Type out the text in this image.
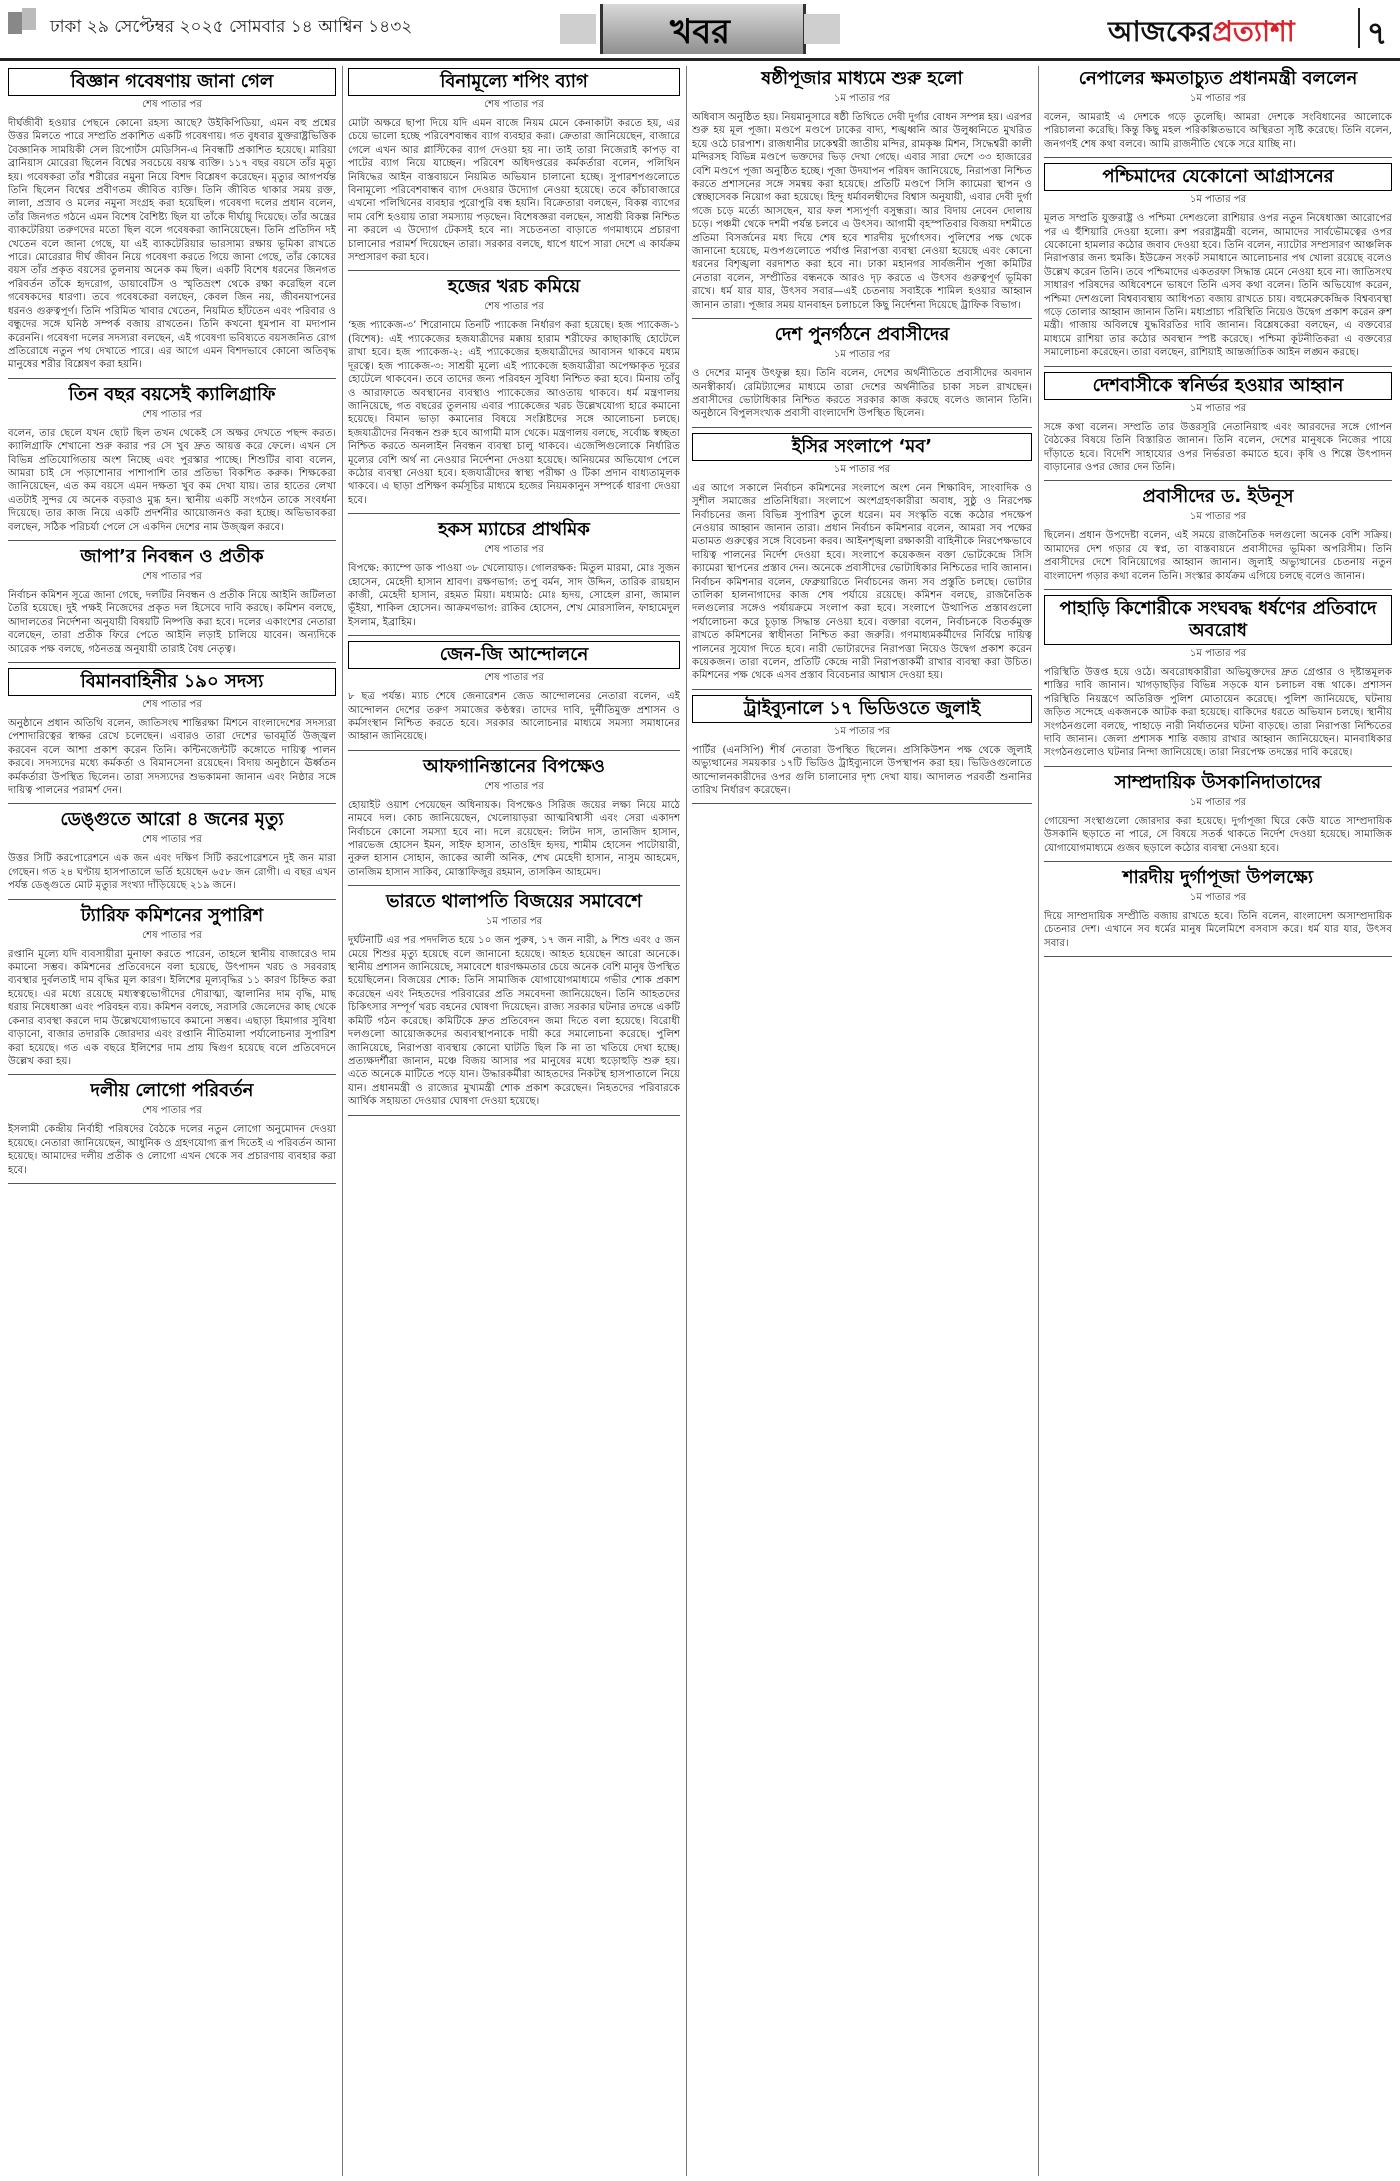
ঢাকা ২৯ সেপ্টেম্বর ২০২৫ সোমবার ১৪ আশ্বিন ১৪৩২	খবর	আজকেরপ্রত্যাশা ৭
বিজ্ঞান গবেষণায় জানা গেল
শেষ পাতার পর

দীর্ঘজীবী হওয়ার পেছনে কোনো রহস্য আছে? উইকিপিডিয়া, এমন বহু প্রশ্নের উত্তর মিলতে পারে সম্প্রতি প্রকাশিত একটি গবেষণায়। গত বুধবার যুক্তরাষ্ট্রভিত্তিক বৈজ্ঞানিক সাময়িকী সেল রিপোর্টস মেডিসিন-এ নিবন্ধটি প্রকাশিত হয়েছে। মারিয়া ব্রানিয়াস মোরেরা ছিলেন বিশ্বের সবচেয়ে বয়স্ক ব্যক্তি। ১১৭ বছর বয়সে তাঁর মৃত্যু হয়। গবেষকরা তাঁর শরীরের নমুনা নিয়ে বিশদ বিশ্লেষণ করেছেন। মৃত্যুর আগপর্যন্ত তিনি ছিলেন বিশ্বের প্রবীণতম জীবিত ব্যক্তি। তিনি জীবিত থাকার সময় রক্ত, লালা, প্রস্রাব ও মলের নমুনা সংগ্রহ করা হয়েছিল। গবেষণা দলের প্রধান বলেন, তাঁর জিনগত গঠনে এমন বিশেষ বৈশিষ্ট্য ছিল যা তাঁকে দীর্ঘায়ু দিয়েছে। তাঁর অন্ত্রের ব্যাকটেরিয়া তরুণদের মতো ছিল বলে গবেষকরা জানিয়েছেন। তিনি প্রতিদিন দই খেতেন বলে জানা গেছে, যা এই ব্যাকটেরিয়ার ভারসাম্য রক্ষায় ভূমিকা রাখতে পারে। মোরেরার দীর্ঘ জীবন নিয়ে গবেষণা করতে গিয়ে জানা গেছে, তাঁর কোষের বয়স তাঁর প্রকৃত বয়সের তুলনায় অনেক কম ছিল। একটি বিশেষ ধরনের জিনগত পরিবর্তন তাঁকে হৃদরোগ, ডায়াবেটিস ও স্মৃতিভ্রংশ থেকে রক্ষা করেছিল বলে গবেষকদের ধারণা। তবে গবেষকেরা বলছেন, কেবল জিন নয়, জীবনযাপনের ধরনও গুরুত্বপূর্ণ। তিনি পরিমিত খাবার খেতেন, নিয়মিত হাঁটতেন এবং পরিবার ও বন্ধুদের সঙ্গে ঘনিষ্ঠ সম্পর্ক বজায় রাখতেন। তিনি কখনো ধূমপান বা মদ্যপান করেননি। গবেষণা দলের সদস্যরা বলছেন, এই গবেষণা ভবিষ্যতে বয়সজনিত রোগ প্রতিরোধে নতুন পথ দেখাতে পারে। এর আগে এমন বিশদভাবে কোনো অতিবৃদ্ধ মানুষের শরীর বিশ্লেষণ করা হয়নি।

তিন বছর বয়সেই ক্যালিগ্রাফি
শেষ পাতার পর

বলেন, তার ছেলে যখন ছোট ছিল তখন থেকেই সে অক্ষর দেখতে পছন্দ করত। ক্যালিগ্রাফি শেখানো শুরু করার পর সে খুব দ্রুত আয়ত্ত করে ফেলে। এখন সে বিভিন্ন প্রতিযোগিতায় অংশ নিচ্ছে এবং পুরস্কার পাচ্ছে। শিশুটির বাবা বলেন, আমরা চাই সে পড়াশোনার পাশাপাশি তার প্রতিভা বিকশিত করুক। শিক্ষকেরা জানিয়েছেন, এত কম বয়সে এমন দক্ষতা খুব কম দেখা যায়। তার হাতের লেখা এতটাই সুন্দর যে অনেক বড়রাও মুগ্ধ হন। স্থানীয় একটি সংগঠন তাকে সংবর্ধনা দিয়েছে। তার কাজ নিয়ে একটি প্রদর্শনীর আয়োজনও করা হচ্ছে। অভিভাবকরা বলছেন, সঠিক পরিচর্যা পেলে সে একদিন দেশের নাম উজ্জ্বল করবে।

জাপা’র নিবন্ধন ও প্রতীক
শেষ পাতার পর

নির্বাচন কমিশন সূত্রে জানা গেছে, দলটির নিবন্ধন ও প্রতীক নিয়ে আইনি জটিলতা তৈরি হয়েছে। দুই পক্ষই নিজেদের প্রকৃত দল হিসেবে দাবি করছে। কমিশন বলছে, আদালতের নির্দেশনা অনুযায়ী বিষয়টি নিষ্পত্তি করা হবে। দলের একাংশের নেতারা বলেছেন, তারা প্রতীক ফিরে পেতে আইনি লড়াই চালিয়ে যাবেন। অন্যদিকে আরেক পক্ষ বলছে, গঠনতন্ত্র অনুযায়ী তারাই বৈধ নেতৃত্ব।

বিমানবাহিনীর ১৯০ সদস্য
শেষ পাতার পর

অনুষ্ঠানে প্রধান অতিথি বলেন, জাতিসংঘ শান্তিরক্ষা মিশনে বাংলাদেশের সদস্যরা পেশাদারিত্বের স্বাক্ষর রেখে চলেছেন। এবারও তারা দেশের ভাবমূর্তি উজ্জ্বল করবেন বলে আশা প্রকাশ করেন তিনি। কন্টিনজেন্টটি কঙ্গোতে দায়িত্ব পালন করবে। সদস্যদের মধ্যে কর্মকর্তা ও বিমানসেনা রয়েছেন। বিদায় অনুষ্ঠানে ঊর্ধ্বতন কর্মকর্তারা উপস্থিত ছিলেন। তারা সদস্যদের শুভকামনা জানান এবং নিষ্ঠার সঙ্গে দায়িত্ব পালনের পরামর্শ দেন।

ডেঙ্গুতে আরো ৪ জনের মৃত্যু
শেষ পাতার পর

উত্তর সিটি করপোরেশনে এক জন এবং দক্ষিণ সিটি করপোরেশনে দুই জন মারা গেছেন। গত ২৪ ঘণ্টায় হাসপাতালে ভর্তি হয়েছেন ৬৫৮ জন রোগী। এ বছর এখন পর্যন্ত ডেঙ্গুতে মোট মৃত্যুর সংখ্যা দাঁড়িয়েছে ২১৯ জনে।

ট্যারিফ কমিশনের সুপারিশ
শেষ পাতার পর

রপ্তানি মূল্যে যদি ব্যবসায়ীরা মুনাফা করতে পারেন, তাহলে স্থানীয় বাজারেও দাম কমানো সম্ভব। কমিশনের প্রতিবেদনে বলা হয়েছে, উৎপাদন খরচ ও সরবরাহ ব্যবস্থার দুর্বলতাই দাম বৃদ্ধির মূল কারণ। ইলিশের মূল্যবৃদ্ধির ১১ কারণ চিহ্নিত করা হয়েছে। এর মধ্যে রয়েছে মধ্যস্বত্বভোগীদের দৌরাত্ম্য, জ্বালানির দাম বৃদ্ধি, মাছ ধরায় নিষেধাজ্ঞা এবং পরিবহন ব্যয়। কমিশন বলছে, সরাসরি জেলেদের কাছ থেকে কেনার ব্যবস্থা করলে দাম উল্লেখযোগ্যভাবে কমানো সম্ভব। এছাড়া হিমাগার সুবিধা বাড়ানো, বাজার তদারকি জোরদার এবং রপ্তানি নীতিমালা পর্যালোচনার সুপারিশ করা হয়েছে। গত এক বছরে ইলিশের দাম প্রায় দ্বিগুণ হয়েছে বলে প্রতিবেদনে উল্লেখ করা হয়।

দলীয় লোগো পরিবর্তন
শেষ পাতার পর

ইসলামী কেন্দ্রীয় নির্বাহী পরিষদের বৈঠকে দলের নতুন লোগো অনুমোদন দেওয়া হয়েছে। নেতারা জানিয়েছেন, আধুনিক ও গ্রহণযোগ্য রূপ দিতেই এ পরিবর্তন আনা হয়েছে। আমাদের দলীয় প্রতীক ও লোগো এখন থেকে সব প্রচারণায় ব্যবহার করা হবে।

বিনামূল্যে শপিং ব্যাগ
শেষ পাতার পর

মোটা অক্ষরে ছাপা দিয়ে যদি এমন বাজে নিয়ম মেনে কেনাকাটা করতে হয়, এর চেয়ে ভালো হচ্ছে পরিবেশবান্ধব ব্যাগ ব্যবহার করা। ক্রেতারা জানিয়েছেন, বাজারে গেলে এখন আর প্লাস্টিকের ব্যাগ দেওয়া হয় না। তাই তারা নিজেরাই কাপড় বা পাটের ব্যাগ নিয়ে যাচ্ছেন। পরিবেশ অধিদপ্তরের কর্মকর্তারা বলেন, পলিথিন নিষিদ্ধের আইন বাস্তবায়নে নিয়মিত অভিযান চালানো হচ্ছে। সুপারশপগুলোতে বিনামূল্যে পরিবেশবান্ধব ব্যাগ দেওয়ার উদ্যোগ নেওয়া হয়েছে। তবে কাঁচাবাজারে এখনো পলিথিনের ব্যবহার পুরোপুরি বন্ধ হয়নি। বিক্রেতারা বলছেন, বিকল্প ব্যাগের দাম বেশি হওয়ায় তারা সমস্যায় পড়ছেন। বিশেষজ্ঞরা বলছেন, সাশ্রয়ী বিকল্প নিশ্চিত না করলে এ উদ্যোগ টেকসই হবে না। সচেতনতা বাড়াতে গণমাধ্যমে প্রচারণা চালানোর পরামর্শ দিয়েছেন তারা। সরকার বলছে, ধাপে ধাপে সারা দেশে এ কার্যক্রম সম্প্রসারণ করা হবে।

হজের খরচ কমিয়ে
শেষ পাতার পর

‘হজ প্যাকেজ-৩’ শিরোনামে তিনটি প্যাকেজ নির্ধারণ করা হয়েছে। হজ প্যাকেজ-১ (বিশেষ): এই প্যাকেজের হজযাত্রীদের মক্কায় হারাম শরীফের কাছাকাছি হোটেলে রাখা হবে। হজ প্যাকেজ-২: এই প্যাকেজের হজযাত্রীদের আবাসন থাকবে মধ্যম দূরত্বে। হজ প্যাকেজ-৩: সাশ্রয়ী মূল্যে এই প্যাকেজে হজযাত্রীরা অপেক্ষাকৃত দূরের হোটেলে থাকবেন। তবে তাদের জন্য পরিবহন সুবিধা নিশ্চিত করা হবে। মিনায় তাঁবু ও আরাফাতে অবস্থানের ব্যবস্থাও প্যাকেজের আওতায় থাকবে। ধর্ম মন্ত্রণালয় জানিয়েছে, গত বছরের তুলনায় এবার প্যাকেজের খরচ উল্লেখযোগ্য হারে কমানো হয়েছে। বিমান ভাড়া কমানোর বিষয়ে সংশ্লিষ্টদের সঙ্গে আলোচনা চলছে। হজযাত্রীদের নিবন্ধন শুরু হবে আগামী মাস থেকে। মন্ত্রণালয় বলছে, সর্বোচ্চ স্বচ্ছতা নিশ্চিত করতে অনলাইন নিবন্ধন ব্যবস্থা চালু থাকবে। এজেন্সিগুলোকে নির্ধারিত মূল্যের বেশি অর্থ না নেওয়ার নির্দেশনা দেওয়া হয়েছে। অনিয়মের অভিযোগ পেলে কঠোর ব্যবস্থা নেওয়া হবে। হজযাত্রীদের স্বাস্থ্য পরীক্ষা ও টিকা প্রদান বাধ্যতামূলক থাকবে। এ ছাড়া প্রশিক্ষণ কর্মসূচির মাধ্যমে হজের নিয়মকানুন সম্পর্কে ধারণা দেওয়া হবে।

হকস ম্যাচের প্রাথমিক
শেষ পাতার পর

বিপক্ষে: ক্যাম্পে ডাক পাওয়া ৩৮ খেলোয়াড়। গোলরক্ষক: মিতুল মারমা, মোঃ সুজন হোসেন, মেহেদী হাসান শ্রাবণ। রক্ষণভাগ: তপু বর্মন, সাদ উদ্দিন, তারিক রায়হান কাজী, মেহেদী হাসান, রহমত মিয়া। মধ্যমাঠ: মোঃ হৃদয়, সোহেল রানা, জামাল ভূঁইয়া, শাকিল হোসেন। আক্রমণভাগ: রাকিব হোসেন, শেখ মোরসালিন, ফাহামেদুল ইসলাম, ইব্রাহিম।

জেন-জি আন্দোলনে
শেষ পাতার পর

৮ ছত্র পর্যন্ত। ম্যাচ শেষে জেনারেশন জেড আন্দোলনের নেতারা বলেন, এই আন্দোলন দেশের তরুণ সমাজের কণ্ঠস্বর। তাদের দাবি, দুর্নীতিমুক্ত প্রশাসন ও কর্মসংস্থান নিশ্চিত করতে হবে। সরকার আলোচনার মাধ্যমে সমস্যা সমাধানের আহ্বান জানিয়েছে।

আফগানিস্তানের বিপক্ষেও
শেষ পাতার পর

হোয়াইট ওয়াশ পেয়েছেন অধিনায়ক। বিপক্ষেও সিরিজ জয়ের লক্ষ্য নিয়ে মাঠে নামবে দল। কোচ জানিয়েছেন, খেলোয়াড়রা আত্মবিশ্বাসী এবং সেরা একাদশ নির্বাচনে কোনো সমস্যা হবে না। দলে রয়েছেন: লিটন দাস, তানজিদ হাসান, পারভেজ হোসেন ইমন, সাইফ হাসান, তাওহিদ হৃদয়, শামীম হোসেন পাটোয়ারী, নুরুল হাসান সোহান, জাকের আলী অনিক, শেখ মেহেদী হাসান, নাসুম আহমেদ, তানজিম হাসান সাকিব, মোস্তাফিজুর রহমান, তাসকিন আহমেদ।

ভারতে থালাপতি বিজয়ের সমাবেশে
১ম পাতার পর

দুর্ঘটনাটি এর পর পদদলিত হয়ে ১০ জন পুরুষ, ১৭ জন নারী, ৯ শিশু এবং ৫ জন মেয়ে শিশুর মৃত্যু হয়েছে বলে জানানো হয়েছে। আহত হয়েছেন আরো অনেকে। স্থানীয় প্রশাসন জানিয়েছে, সমাবেশে ধারণক্ষমতার চেয়ে অনেক বেশি মানুষ উপস্থিত হয়েছিলেন। বিজয়ের শোক: তিনি সামাজিক যোগাযোগমাধ্যমে গভীর শোক প্রকাশ করেছেন এবং নিহতদের পরিবারের প্রতি সমবেদনা জানিয়েছেন। তিনি আহতদের চিকিৎসার সম্পূর্ণ খরচ বহনের ঘোষণা দিয়েছেন। রাজ্য সরকার ঘটনার তদন্তে একটি কমিটি গঠন করেছে। কমিটিকে দ্রুত প্রতিবেদন জমা দিতে বলা হয়েছে। বিরোধী দলগুলো আয়োজকদের অব্যবস্থাপনাকে দায়ী করে সমালোচনা করেছে। পুলিশ জানিয়েছে, নিরাপত্তা ব্যবস্থায় কোনো ঘাটতি ছিল কি না তা খতিয়ে দেখা হচ্ছে। প্রত্যক্ষদর্শীরা জানান, মঞ্চে বিজয় আসার পর মানুষের মধ্যে হুড়োহুড়ি শুরু হয়। এতে অনেকে মাটিতে পড়ে যান। উদ্ধারকর্মীরা আহতদের নিকটস্থ হাসপাতালে নিয়ে যান। প্রধানমন্ত্রী ও রাজ্যের মুখ্যমন্ত্রী শোক প্রকাশ করেছেন। নিহতদের পরিবারকে আর্থিক সহায়তা দেওয়ার ঘোষণা দেওয়া হয়েছে।

ষষ্ঠীপূজার মাধ্যমে শুরু হলো
১ম পাতার পর

অধিবাস অনুষ্ঠিত হয়। নিয়মানুসারে ষষ্ঠী তিথিতে দেবী দুর্গার বোধন সম্পন্ন হয়। এরপর শুরু হয় মূল পূজা। মণ্ডপে মণ্ডপে ঢাকের বাদ্য, শঙ্খধ্বনি আর উলুধ্বনিতে মুখরিত হয়ে ওঠে চারপাশ। রাজধানীর ঢাকেশ্বরী জাতীয় মন্দির, রামকৃষ্ণ মিশন, সিদ্ধেশ্বরী কালী মন্দিরসহ বিভিন্ন মণ্ডপে ভক্তদের ভিড় দেখা গেছে। এবার সারা দেশে ৩৩ হাজারের বেশি মণ্ডপে পূজা অনুষ্ঠিত হচ্ছে। পূজা উদযাপন পরিষদ জানিয়েছে, নিরাপত্তা নিশ্চিত করতে প্রশাসনের সঙ্গে সমন্বয় করা হয়েছে। প্রতিটি মণ্ডপে সিসি ক্যামেরা স্থাপন ও স্বেচ্ছাসেবক নিয়োগ করা হয়েছে। হিন্দু ধর্মাবলম্বীদের বিশ্বাস অনুযায়ী, এবার দেবী দুর্গা গজে চড়ে মর্ত্যে আসছেন, যার ফল শস্যপূর্ণা বসুন্ধরা। আর বিদায় নেবেন দোলায় চড়ে। পঞ্চমী থেকে দশমী পর্যন্ত চলবে এ উৎসব। আগামী বৃহস্পতিবার বিজয়া দশমীতে প্রতিমা বিসর্জনের মধ্য দিয়ে শেষ হবে শারদীয় দুর্গোৎসব। পুলিশের পক্ষ থেকে জানানো হয়েছে, মণ্ডপগুলোতে পর্যাপ্ত নিরাপত্তা ব্যবস্থা নেওয়া হয়েছে এবং কোনো ধরনের বিশৃঙ্খলা বরদাশত করা হবে না। ঢাকা মহানগর সার্বজনীন পূজা কমিটির নেতারা বলেন, সম্প্রীতির বন্ধনকে আরও দৃঢ় করতে এ উৎসব গুরুত্বপূর্ণ ভূমিকা রাখে। ধর্ম যার যার, উৎসব সবার—এই চেতনায় সবাইকে শামিল হওয়ার আহ্বান জানান তারা। পূজার সময় যানবাহন চলাচলে কিছু নির্দেশনা দিয়েছে ট্রাফিক বিভাগ।

দেশ পুনর্গঠনে প্রবাসীদের
১ম পাতার পর

ও দেশের মানুষ উৎফুল্ল হয়। তিনি বলেন, দেশের অর্থনীতিতে প্রবাসীদের অবদান অনস্বীকার্য। রেমিট্যান্সের মাধ্যমে তারা দেশের অর্থনীতির চাকা সচল রাখছেন। প্রবাসীদের ভোটাধিকার নিশ্চিত করতে সরকার কাজ করছে বলেও জানান তিনি। অনুষ্ঠানে বিপুলসংখ্যক প্রবাসী বাংলাদেশি উপস্থিত ছিলেন।

ইসির সংলাপে ‘মব’
১ম পাতার পর

এর আগে সকালে নির্বাচন কমিশনের সংলাপে অংশ নেন শিক্ষাবিদ, সাংবাদিক ও সুশীল সমাজের প্রতিনিধিরা। সংলাপে অংশগ্রহণকারীরা অবাধ, সুষ্ঠু ও নিরপেক্ষ নির্বাচনের জন্য বিভিন্ন সুপারিশ তুলে ধরেন। মব সংস্কৃতি বন্ধে কঠোর পদক্ষেপ নেওয়ার আহ্বান জানান তারা। প্রধান নির্বাচন কমিশনার বলেন, আমরা সব পক্ষের মতামত গুরুত্বের সঙ্গে বিবেচনা করব। আইনশৃঙ্খলা রক্ষাকারী বাহিনীকে নিরপেক্ষভাবে দায়িত্ব পালনের নির্দেশ দেওয়া হবে। সংলাপে কয়েকজন বক্তা ভোটকেন্দ্রে সিসি ক্যামেরা স্থাপনের প্রস্তাব দেন। অনেকে প্রবাসীদের ভোটাধিকার নিশ্চিতের দাবি জানান। নির্বাচন কমিশনার বলেন, ফেব্রুয়ারিতে নির্বাচনের জন্য সব প্রস্তুতি চলছে। ভোটার তালিকা হালনাগাদের কাজ শেষ পর্যায়ে রয়েছে। কমিশন বলছে, রাজনৈতিক দলগুলোর সঙ্গেও পর্যায়ক্রমে সংলাপ করা হবে। সংলাপে উত্থাপিত প্রস্তাবগুলো পর্যালোচনা করে চূড়ান্ত সিদ্ধান্ত নেওয়া হবে। বক্তারা বলেন, নির্বাচনকে বিতর্কমুক্ত রাখতে কমিশনের স্বাধীনতা নিশ্চিত করা জরুরি। গণমাধ্যমকর্মীদের নির্বিঘ্নে দায়িত্ব পালনের সুযোগ দিতে হবে। নারী ভোটারদের নিরাপত্তা নিয়েও উদ্বেগ প্রকাশ করেন কয়েকজন। তারা বলেন, প্রতিটি কেন্দ্রে নারী নিরাপত্তাকর্মী রাখার ব্যবস্থা করা উচিত। কমিশনের পক্ষ থেকে এসব প্রস্তাব বিবেচনার আশ্বাস দেওয়া হয়।

ট্রাইব্যুনালে ১৭ ভিডিওতে জুলাই
১ম পাতার পর

পার্টির (এনসিপি) শীর্ষ নেতারা উপস্থিত ছিলেন। প্রসিকিউশন পক্ষ থেকে জুলাই অভ্যুত্থানের সময়কার ১৭টি ভিডিও ট্রাইব্যুনালে উপস্থাপন করা হয়। ভিডিওগুলোতে আন্দোলনকারীদের ওপর গুলি চালানোর দৃশ্য দেখা যায়। আদালত পরবর্তী শুনানির তারিখ নির্ধারণ করেছেন।

নেপালের ক্ষমতাচ্যুত প্রধানমন্ত্রী বললেন
১ম পাতার পর

বলেন, আমরাই এ দেশকে গড়ে তুলেছি। আমরা দেশকে সংবিধানের আলোকে পরিচালনা করেছি। কিন্তু কিছু মহল পরিকল্পিতভাবে অস্থিরতা সৃষ্টি করেছে। তিনি বলেন, জনগণই শেষ কথা বলবে। আমি রাজনীতি থেকে সরে যাচ্ছি না।

পশ্চিমাদের যেকোনো আগ্রাসনের
১ম পাতার পর

মূলত সম্প্রতি যুক্তরাষ্ট্র ও পশ্চিমা দেশগুলো রাশিয়ার ওপর নতুন নিষেধাজ্ঞা আরোপের পর এ হুঁশিয়ারি দেওয়া হলো। রুশ পররাষ্ট্রমন্ত্রী বলেন, আমাদের সার্বভৌমত্বের ওপর যেকোনো হামলার কঠোর জবাব দেওয়া হবে। তিনি বলেন, ন্যাটোর সম্প্রসারণ আঞ্চলিক নিরাপত্তার জন্য হুমকি। ইউক্রেন সংকট সমাধানে আলোচনার পথ খোলা রয়েছে বলেও উল্লেখ করেন তিনি। তবে পশ্চিমাদের একতরফা সিদ্ধান্ত মেনে নেওয়া হবে না। জাতিসংঘ সাধারণ পরিষদের অধিবেশনে ভাষণে তিনি এসব কথা বলেন। তিনি অভিযোগ করেন, পশ্চিমা দেশগুলো বিশ্বব্যবস্থায় আধিপত্য বজায় রাখতে চায়। বহুমেরুকেন্দ্রিক বিশ্বব্যবস্থা গড়ে তোলার আহ্বান জানান তিনি। মধ্যপ্রাচ্য পরিস্থিতি নিয়েও উদ্বেগ প্রকাশ করেন রুশ মন্ত্রী। গাজায় অবিলম্বে যুদ্ধবিরতির দাবি জানান। বিশ্লেষকেরা বলছেন, এ বক্তব্যের মাধ্যমে রাশিয়া তার কঠোর অবস্থান স্পষ্ট করেছে। পশ্চিমা কূটনীতিকরা এ বক্তব্যের সমালোচনা করেছেন। তারা বলছেন, রাশিয়াই আন্তর্জাতিক আইন লঙ্ঘন করছে।

দেশবাসীকে স্বনির্ভর হওয়ার আহ্বান
১ম পাতার পর

সঙ্গে কথা বলেন। সম্প্রতি তার উত্তরসূরি নেতানিয়াহু এবং আরবদের সঙ্গে গোপন বৈঠকের বিষয়ে তিনি বিস্তারিত জানান। তিনি বলেন, দেশের মানুষকে নিজের পায়ে দাঁড়াতে হবে। বিদেশি সাহায্যের ওপর নির্ভরতা কমাতে হবে। কৃষি ও শিল্পে উৎপাদন বাড়ানোর ওপর জোর দেন তিনি।

প্রবাসীদের ড. ইউনূস
১ম পাতার পর

ছিলেন। প্রধান উপদেষ্টা বলেন, এই সময়ে রাজনৈতিক দলগুলো অনেক বেশি সক্রিয়। আমাদের দেশ গড়ার যে স্বপ্ন, তা বাস্তবায়নে প্রবাসীদের ভূমিকা অপরিসীম। তিনি প্রবাসীদের দেশে বিনিয়োগের আহ্বান জানান। জুলাই অভ্যুত্থানের চেতনায় নতুন বাংলাদেশ গড়ার কথা বলেন তিনি। সংস্কার কার্যক্রম এগিয়ে চলছে বলেও জানান।

পাহাড়ি কিশোরীকে সংঘবদ্ধ ধর্ষণের প্রতিবাদে অবরোধ
১ম পাতার পর

পরিস্থিতি উত্তপ্ত হয়ে ওঠে। অবরোধকারীরা অভিযুক্তদের দ্রুত গ্রেপ্তার ও দৃষ্টান্তমূলক শাস্তির দাবি জানান। খাগড়াছড়ির বিভিন্ন সড়কে যান চলাচল বন্ধ থাকে। প্রশাসন পরিস্থিতি নিয়ন্ত্রণে অতিরিক্ত পুলিশ মোতায়েন করেছে। পুলিশ জানিয়েছে, ঘটনায় জড়িত সন্দেহে একজনকে আটক করা হয়েছে। বাকিদের ধরতে অভিযান চলছে। স্থানীয় সংগঠনগুলো বলছে, পাহাড়ে নারী নির্যাতনের ঘটনা বাড়ছে। তারা নিরাপত্তা নিশ্চিতের দাবি জানান। জেলা প্রশাসক শান্তি বজায় রাখার আহ্বান জানিয়েছেন। মানবাধিকার সংগঠনগুলোও ঘটনার নিন্দা জানিয়েছে। তারা নিরপেক্ষ তদন্তের দাবি করেছে।

সাম্প্রদায়িক উসকানিদাতাদের
১ম পাতার পর

গোয়েন্দা সংস্থাগুলো জোরদার করা হয়েছে। দুর্গাপূজা ঘিরে কেউ যাতে সাম্প্রদায়িক উসকানি ছড়াতে না পারে, সে বিষয়ে সতর্ক থাকতে নির্দেশ দেওয়া হয়েছে। সামাজিক যোগাযোগমাধ্যমে গুজব ছড়ালে কঠোর ব্যবস্থা নেওয়া হবে।

শারদীয় দুর্গাপূজা উপলক্ষ্যে
১ম পাতার পর

দিয়ে সাম্প্রদায়িক সম্প্রীতি বজায় রাখতে হবে। তিনি বলেন, বাংলাদেশ অসাম্প্রদায়িক চেতনার দেশ। এখানে সব ধর্মের মানুষ মিলেমিশে বসবাস করে। ধর্ম যার যার, উৎসব সবার।
